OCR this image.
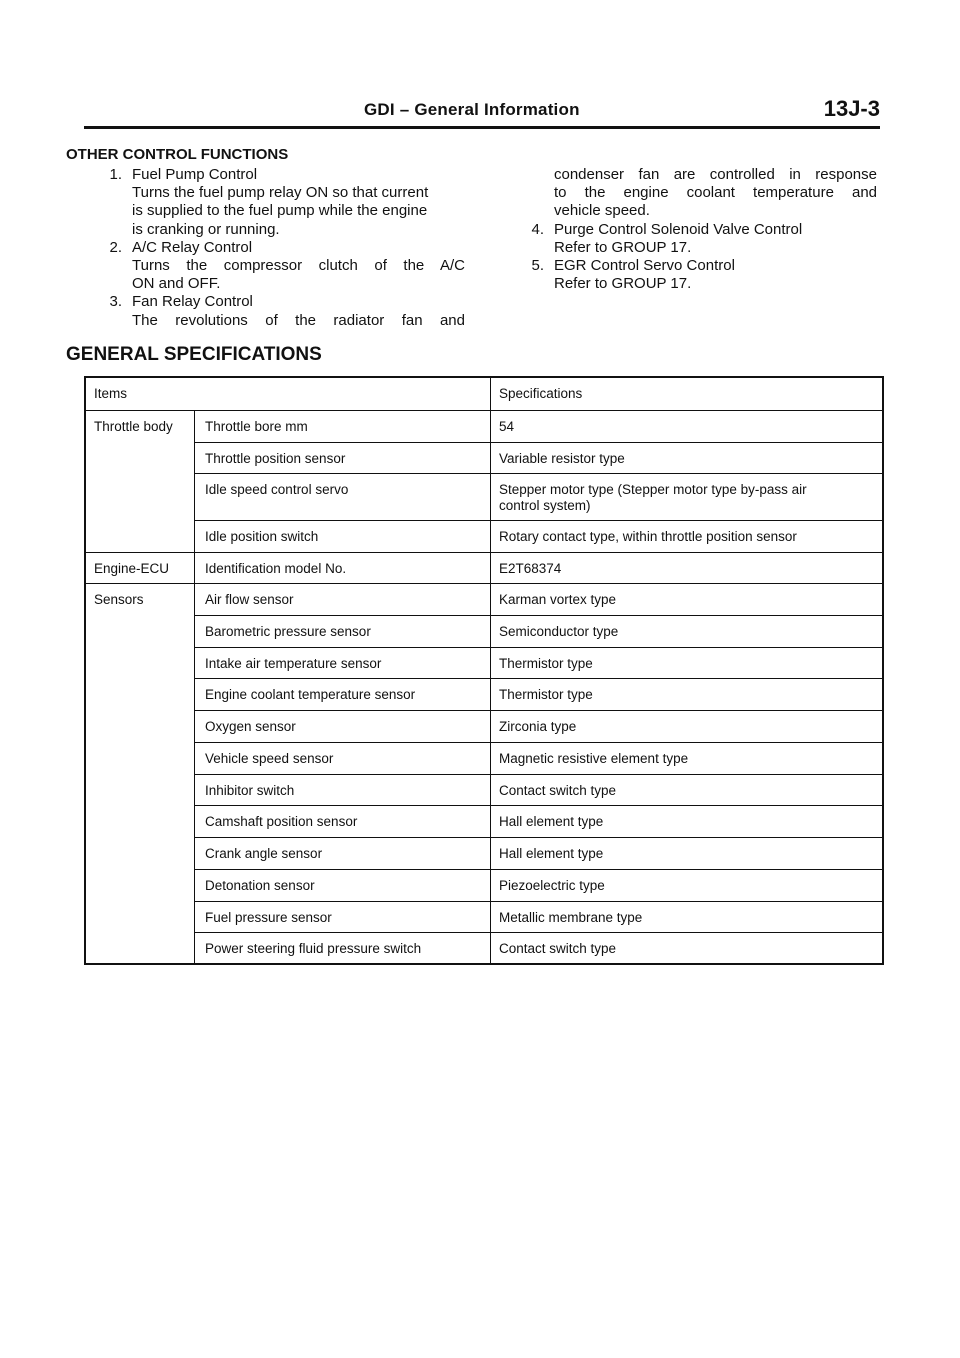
GDI – General Information	13J-3
OTHER CONTROL FUNCTIONS
1. Fuel Pump Control
Turns the fuel pump relay ON so that current
is supplied to the fuel pump while the engine
is cranking or running.
2. A/C Relay Control
Turns the compressor clutch of the A/C
ON and OFF.
3. Fan Relay Control
The revolutions of the radiator fan and
condenser fan are controlled in response
to the engine coolant temperature and
vehicle speed.
4. Purge Control Solenoid Valve Control
Refer to GROUP 17.
5. EGR Control Servo Control
Refer to GROUP 17.
GENERAL SPECIFICATIONS
Items	Specifications
Throttle body	Throttle bore mm	54
Throttle position sensor	Variable resistor type
Idle speed control servo	Stepper motor type (Stepper motor type by-pass air
control system)
Idle position switch	Rotary contact type, within throttle position sensor
Engine-ECU	Identification model No.	E2T68374
Sensors	Air flow sensor	Karman vortex type
Barometric pressure sensor	Semiconductor type
Intake air temperature sensor	Thermistor type
Engine coolant temperature sensor	Thermistor type
Oxygen sensor	Zirconia type
Vehicle speed sensor	Magnetic resistive element type
Inhibitor switch	Contact switch type
Camshaft position sensor	Hall element type
Crank angle sensor	Hall element type
Detonation sensor	Piezoelectric type
Fuel pressure sensor	Metallic membrane type
Power steering fluid pressure switch	Contact switch type
